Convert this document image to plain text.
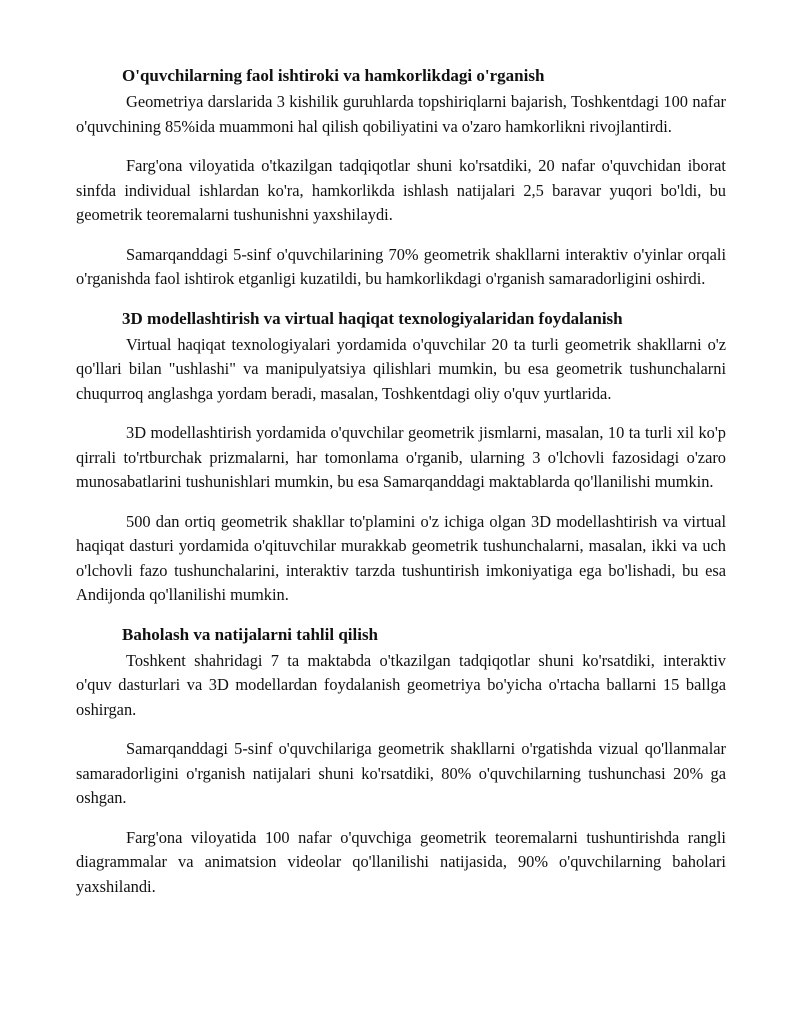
O'quvchilarning faol ishtiroki va hamkorlikdagi o'rganish

Geometriya darslarida 3 kishilik guruhlarda topshiriqlarni bajarish, Toshkentdagi 100 nafar o'quvchining 85%ida muammoni hal qilish qobiliyatini va o'zaro hamkorlikni rivojlantirdi.

Farg'ona viloyatida o'tkazilgan tadqiqotlar shuni ko'rsatdiki, 20 nafar o'quvchidan iborat sinfda individual ishlardan ko'ra, hamkorlikda ishlash natijalari 2,5 baravar yuqori bo'ldi, bu geometrik teoremalarni tushunishni yaxshilaydi.

Samarqanddagi 5-sinf o'quvchilarining 70% geometrik shakllarni interaktiv o'yinlar orqali o'rganishda faol ishtirok etganligi kuzatildi, bu hamkorlikdagi o'rganish samaradorligini oshirdi.

3D modellashtirish va virtual haqiqat texnologiyalaridan foydalanish

Virtual haqiqat texnologiyalari yordamida o'quvchilar 20 ta turli geometrik shakllarni o'z qo'llari bilan "ushlashi" va manipulyatsiya qilishlari mumkin, bu esa geometrik tushunchalarni chuqurroq anglashga yordam beradi, masalan, Toshkentdagi oliy o'quv yurtlarida.

3D modellashtirish yordamida o'quvchilar geometrik jismlarni, masalan, 10 ta turli xil ko'p qirrali to'rtburchak prizmalarni, har tomonlama o'rganib, ularning 3 o'lchovli fazosidagi o'zaro munosabatlarini tushunishlari mumkin, bu esa Samarqanddagi maktablarda qo'llanilishi mumkin.

500 dan ortiq geometrik shakllar to'plamini o'z ichiga olgan 3D modellashtirish va virtual haqiqat dasturi yordamida o'qituvchilar murakkab geometrik tushunchalarni, masalan, ikki va uch o'lchovli fazo tushunchalarini, interaktiv tarzda tushuntirish imkoniyatiga ega bo'lishadi, bu esa Andijonda qo'llanilishi mumkin.

Baholash va natijalarni tahlil qilish

Toshkent shahridagi 7 ta maktabda o'tkazilgan tadqiqotlar shuni ko'rsatdiki, interaktiv o'quv dasturlari va 3D modellardan foydalanish geometriya bo'yicha o'rtacha ballarni 15 ballga oshirgan.

Samarqanddagi 5-sinf o'quvchilariga geometrik shakllarni o'rgatishda vizual qo'llanmalar samaradorligini o'rganish natijalari shuni ko'rsatdiki, 80% o'quvchilarning tushunchasi 20% ga oshgan.

Farg'ona viloyatida 100 nafar o'quvchiga geometrik teoremalarni tushuntirishda rangli diagrammalar va animatsion videolar qo'llanilishi natijasida, 90% o'quvchilarning baholari yaxshilandi.
